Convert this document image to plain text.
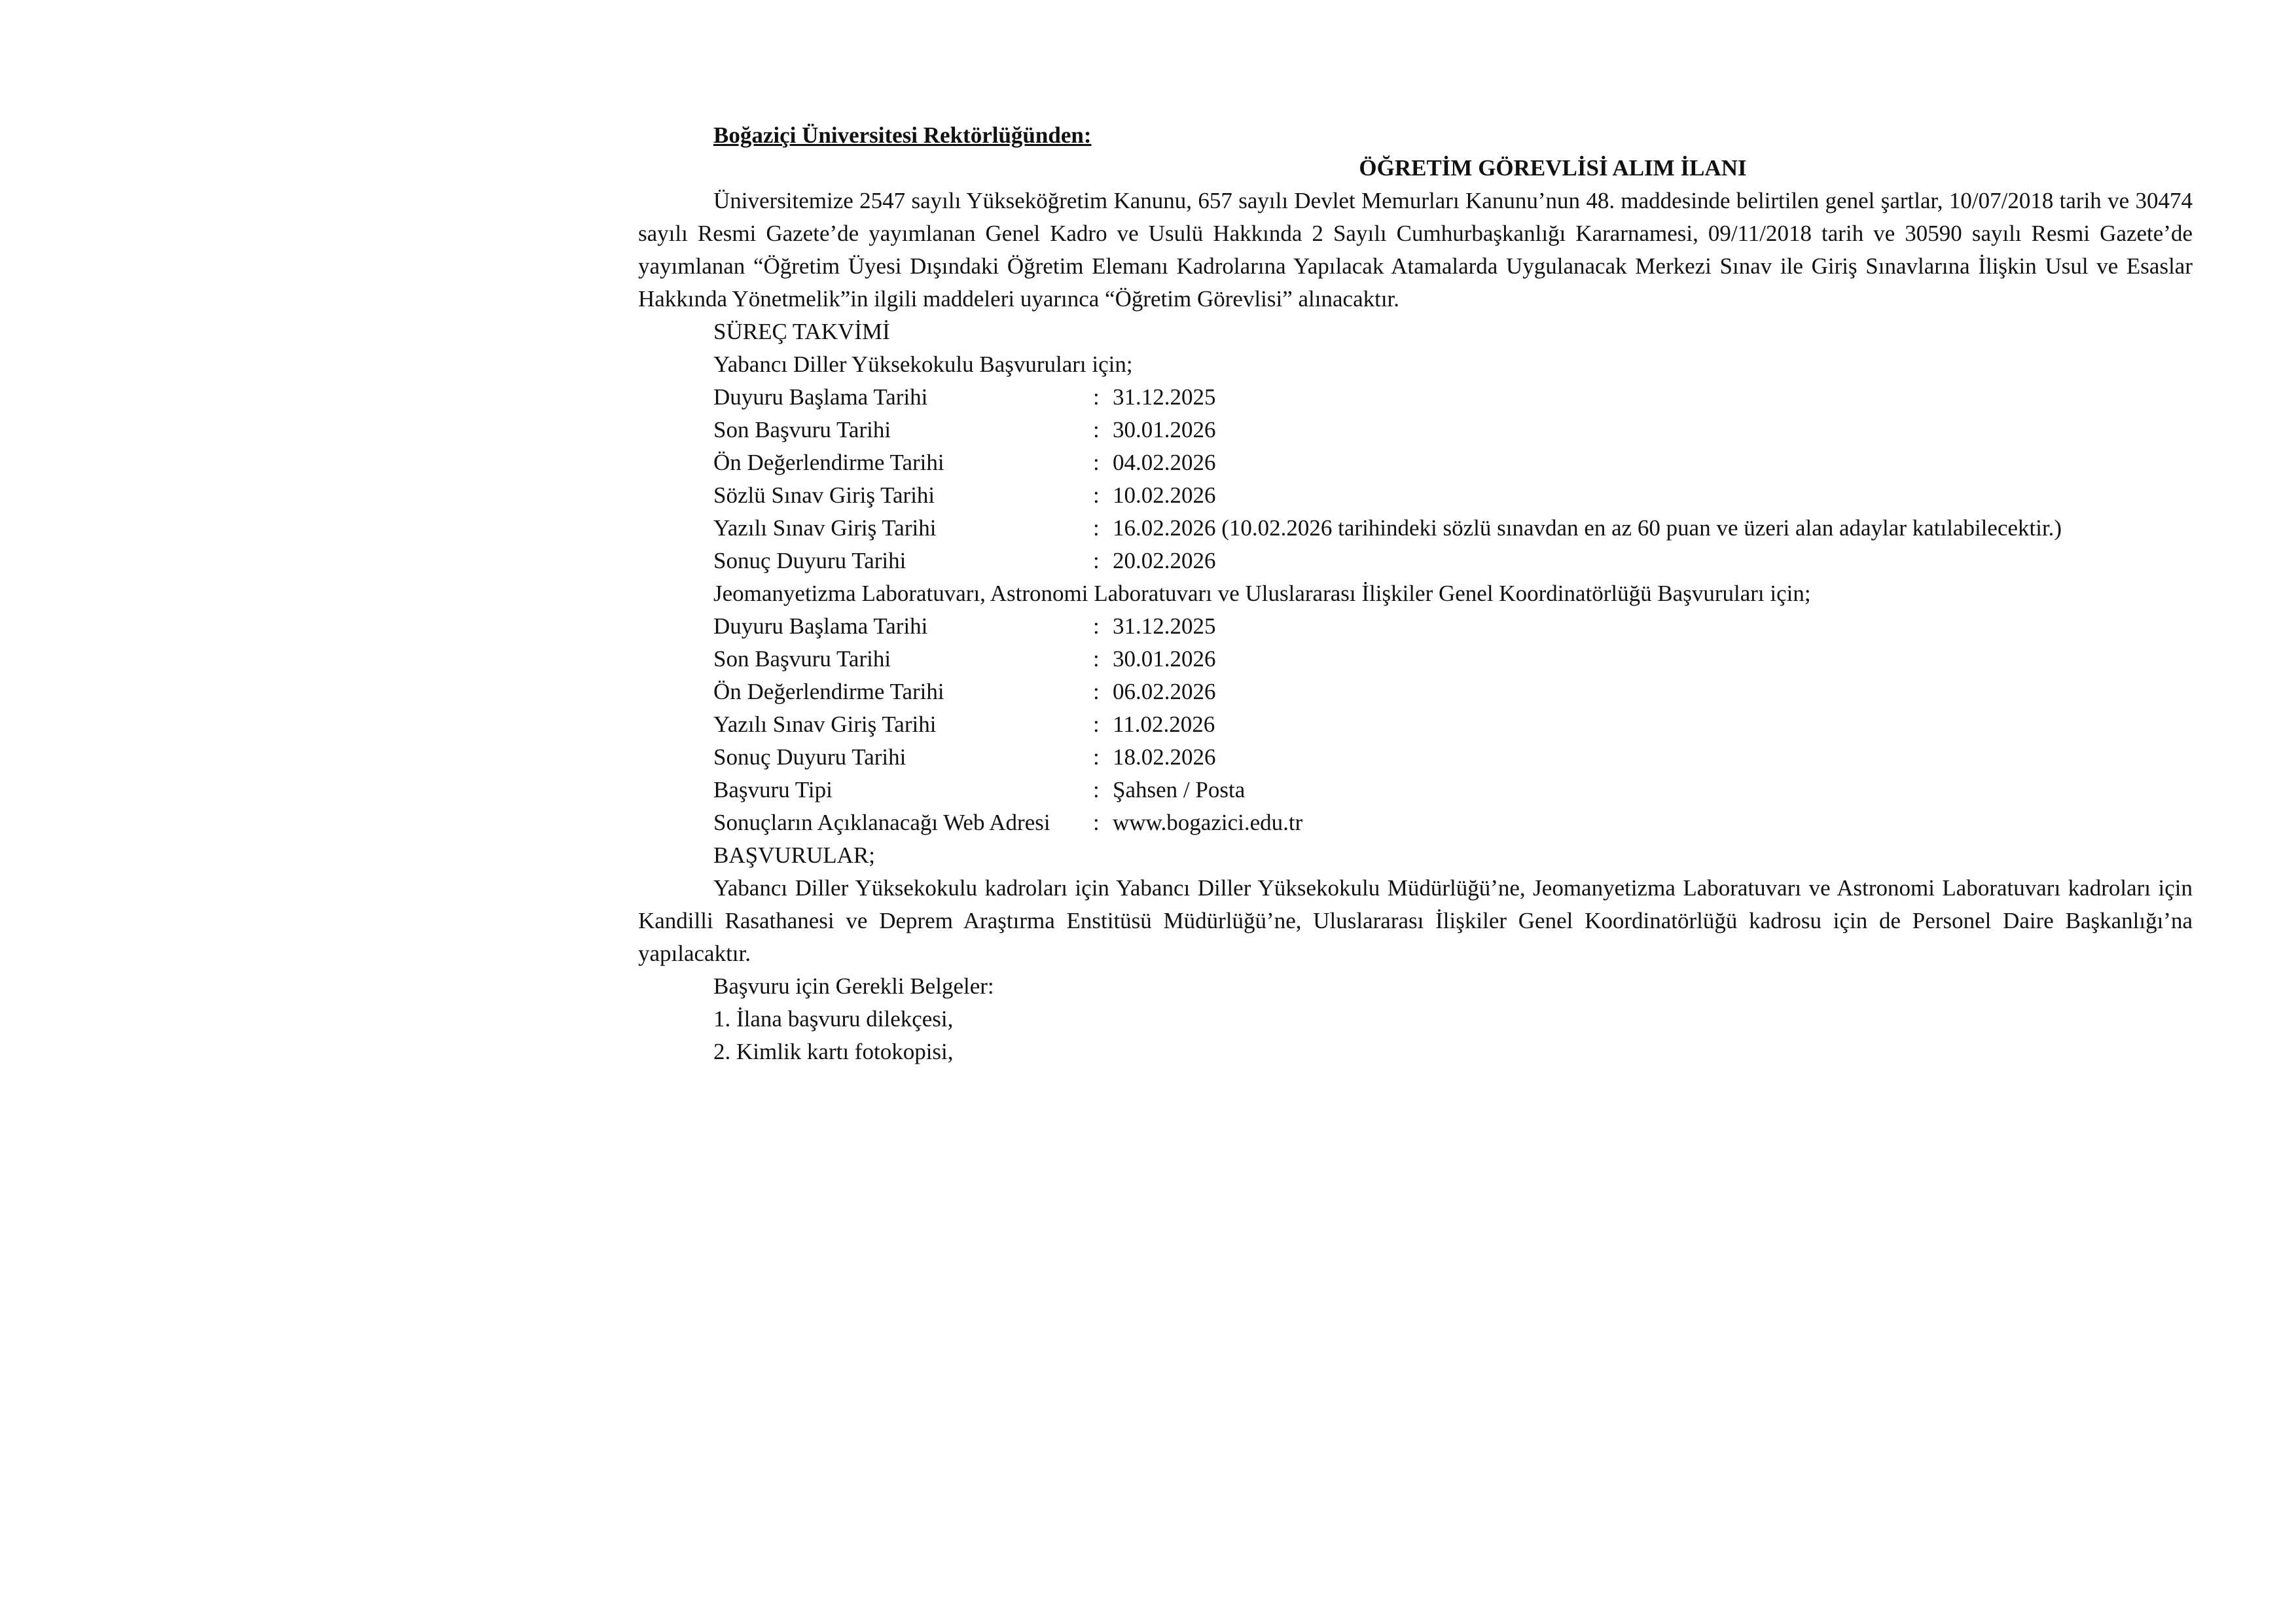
Boğaziçi Üniversitesi Rektörlüğünden:
ÖĞRETİM GÖREVLİSİ ALIM İLANI
Üniversitemize 2547 sayılı Yükseköğretim Kanunu, 657 sayılı Devlet Memurları Kanunu’nun 48. maddesinde belirtilen genel şartlar, 10/07/2018 tarih ve 30474 sayılı Resmi Gazete’de yayımlanan Genel Kadro ve Usulü Hakkında 2 Sayılı Cumhurbaşkanlığı Kararnamesi, 09/11/2018 tarih ve 30590 sayılı Resmi Gazete’de yayımlanan “Öğretim Üyesi Dışındaki Öğretim Elemanı Kadrolarına Yapılacak Atamalarda Uygulanacak Merkezi Sınav ile Giriş Sınavlarına İlişkin Usul ve Esaslar Hakkında Yönetmelik”in ilgili maddeleri uyarınca “Öğretim Görevlisi” alınacaktır.
SÜREÇ TAKVİMİ
Yabancı Diller Yüksekokulu Başvuruları için;
Duyuru Başlama Tarihi	: 31.12.2025
Son Başvuru Tarihi	: 30.01.2026
Ön Değerlendirme Tarihi	: 04.02.2026
Sözlü Sınav Giriş Tarihi	: 10.02.2026
Yazılı Sınav Giriş Tarihi	: 16.02.2026 (10.02.2026 tarihindeki sözlü sınavdan en az 60 puan ve üzeri alan adaylar katılabilecektir.)
Sonuç Duyuru Tarihi	: 20.02.2026
Jeomanyetizma Laboratuvarı, Astronomi Laboratuvarı ve Uluslararası İlişkiler Genel Koordinatörlüğü Başvuruları için;
Duyuru Başlama Tarihi	: 31.12.2025
Son Başvuru Tarihi	: 30.01.2026
Ön Değerlendirme Tarihi	: 06.02.2026
Yazılı Sınav Giriş Tarihi	: 11.02.2026
Sonuç Duyuru Tarihi	: 18.02.2026
Başvuru Tipi	: Şahsen / Posta
Sonuçların Açıklanacağı Web Adresi	: www.bogazici.edu.tr
BAŞVURULAR;
Yabancı Diller Yüksekokulu kadroları için Yabancı Diller Yüksekokulu Müdürlüğü’ne, Jeomanyetizma Laboratuvarı ve Astronomi Laboratuvarı kadroları için Kandilli Rasathanesi ve Deprem Araştırma Enstitüsü Müdürlüğü’ne, Uluslararası İlişkiler Genel Koordinatörlüğü kadrosu için de Personel Daire Başkanlığı’na yapılacaktır.
Başvuru için Gerekli Belgeler:
1. İlana başvuru dilekçesi,
2. Kimlik kartı fotokopisi,
